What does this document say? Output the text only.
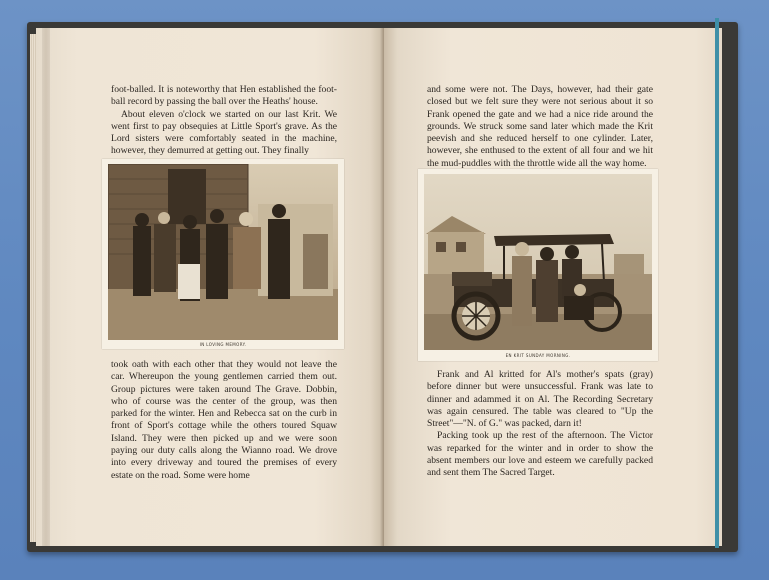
foot-balled. It is noteworthy that Hen established the foot-ball record by passing the ball over the Heaths' house.
About eleven o'clock we started on our last Krit. We went first to pay obsequies at Little Sport's grave. As the Lord sisters were comfortably seated in the machine, however, they demurred at getting out. They finally
IN LOVING MEMORY.
took oath with each other that they would not leave the car. Whereupon the young gentlemen carried them out. Group pictures were taken around The Grave. Dobbin, who of course was the center of the group, was then parked for the winter. Hen and Rebecca sat on the curb in front of Sport's cottage while the others toured Squaw Island. They were then picked up and we were soon paying our duty calls along the Wianno road. We drove into every driveway and toured the premises of every estate on the road. Some were home
and some were not. The Days, however, had their gate closed but we felt sure they were not serious about it so Frank opened the gate and we had a nice ride around the grounds. We struck some sand later which made the Krit peevish and she reduced herself to one cylinder. Later, however, she enthused to the extent of all four and we hit the mud-puddles with the throttle wide all the way home.
EN KRIT SUNDAY MORNING.
Frank and Al kritted for Al's mother's spats (gray) before dinner but were unsuccessful. Frank was late to dinner and adammed it on Al. The Recording Secretary was again censured. The table was cleared to "Up the Street"—"N. of G." was packed, darn it!
Packing took up the rest of the afternoon. The Victor was reparked for the winter and in order to show the absent members our love and esteem we carefully packed and sent them The Sacred Target.
